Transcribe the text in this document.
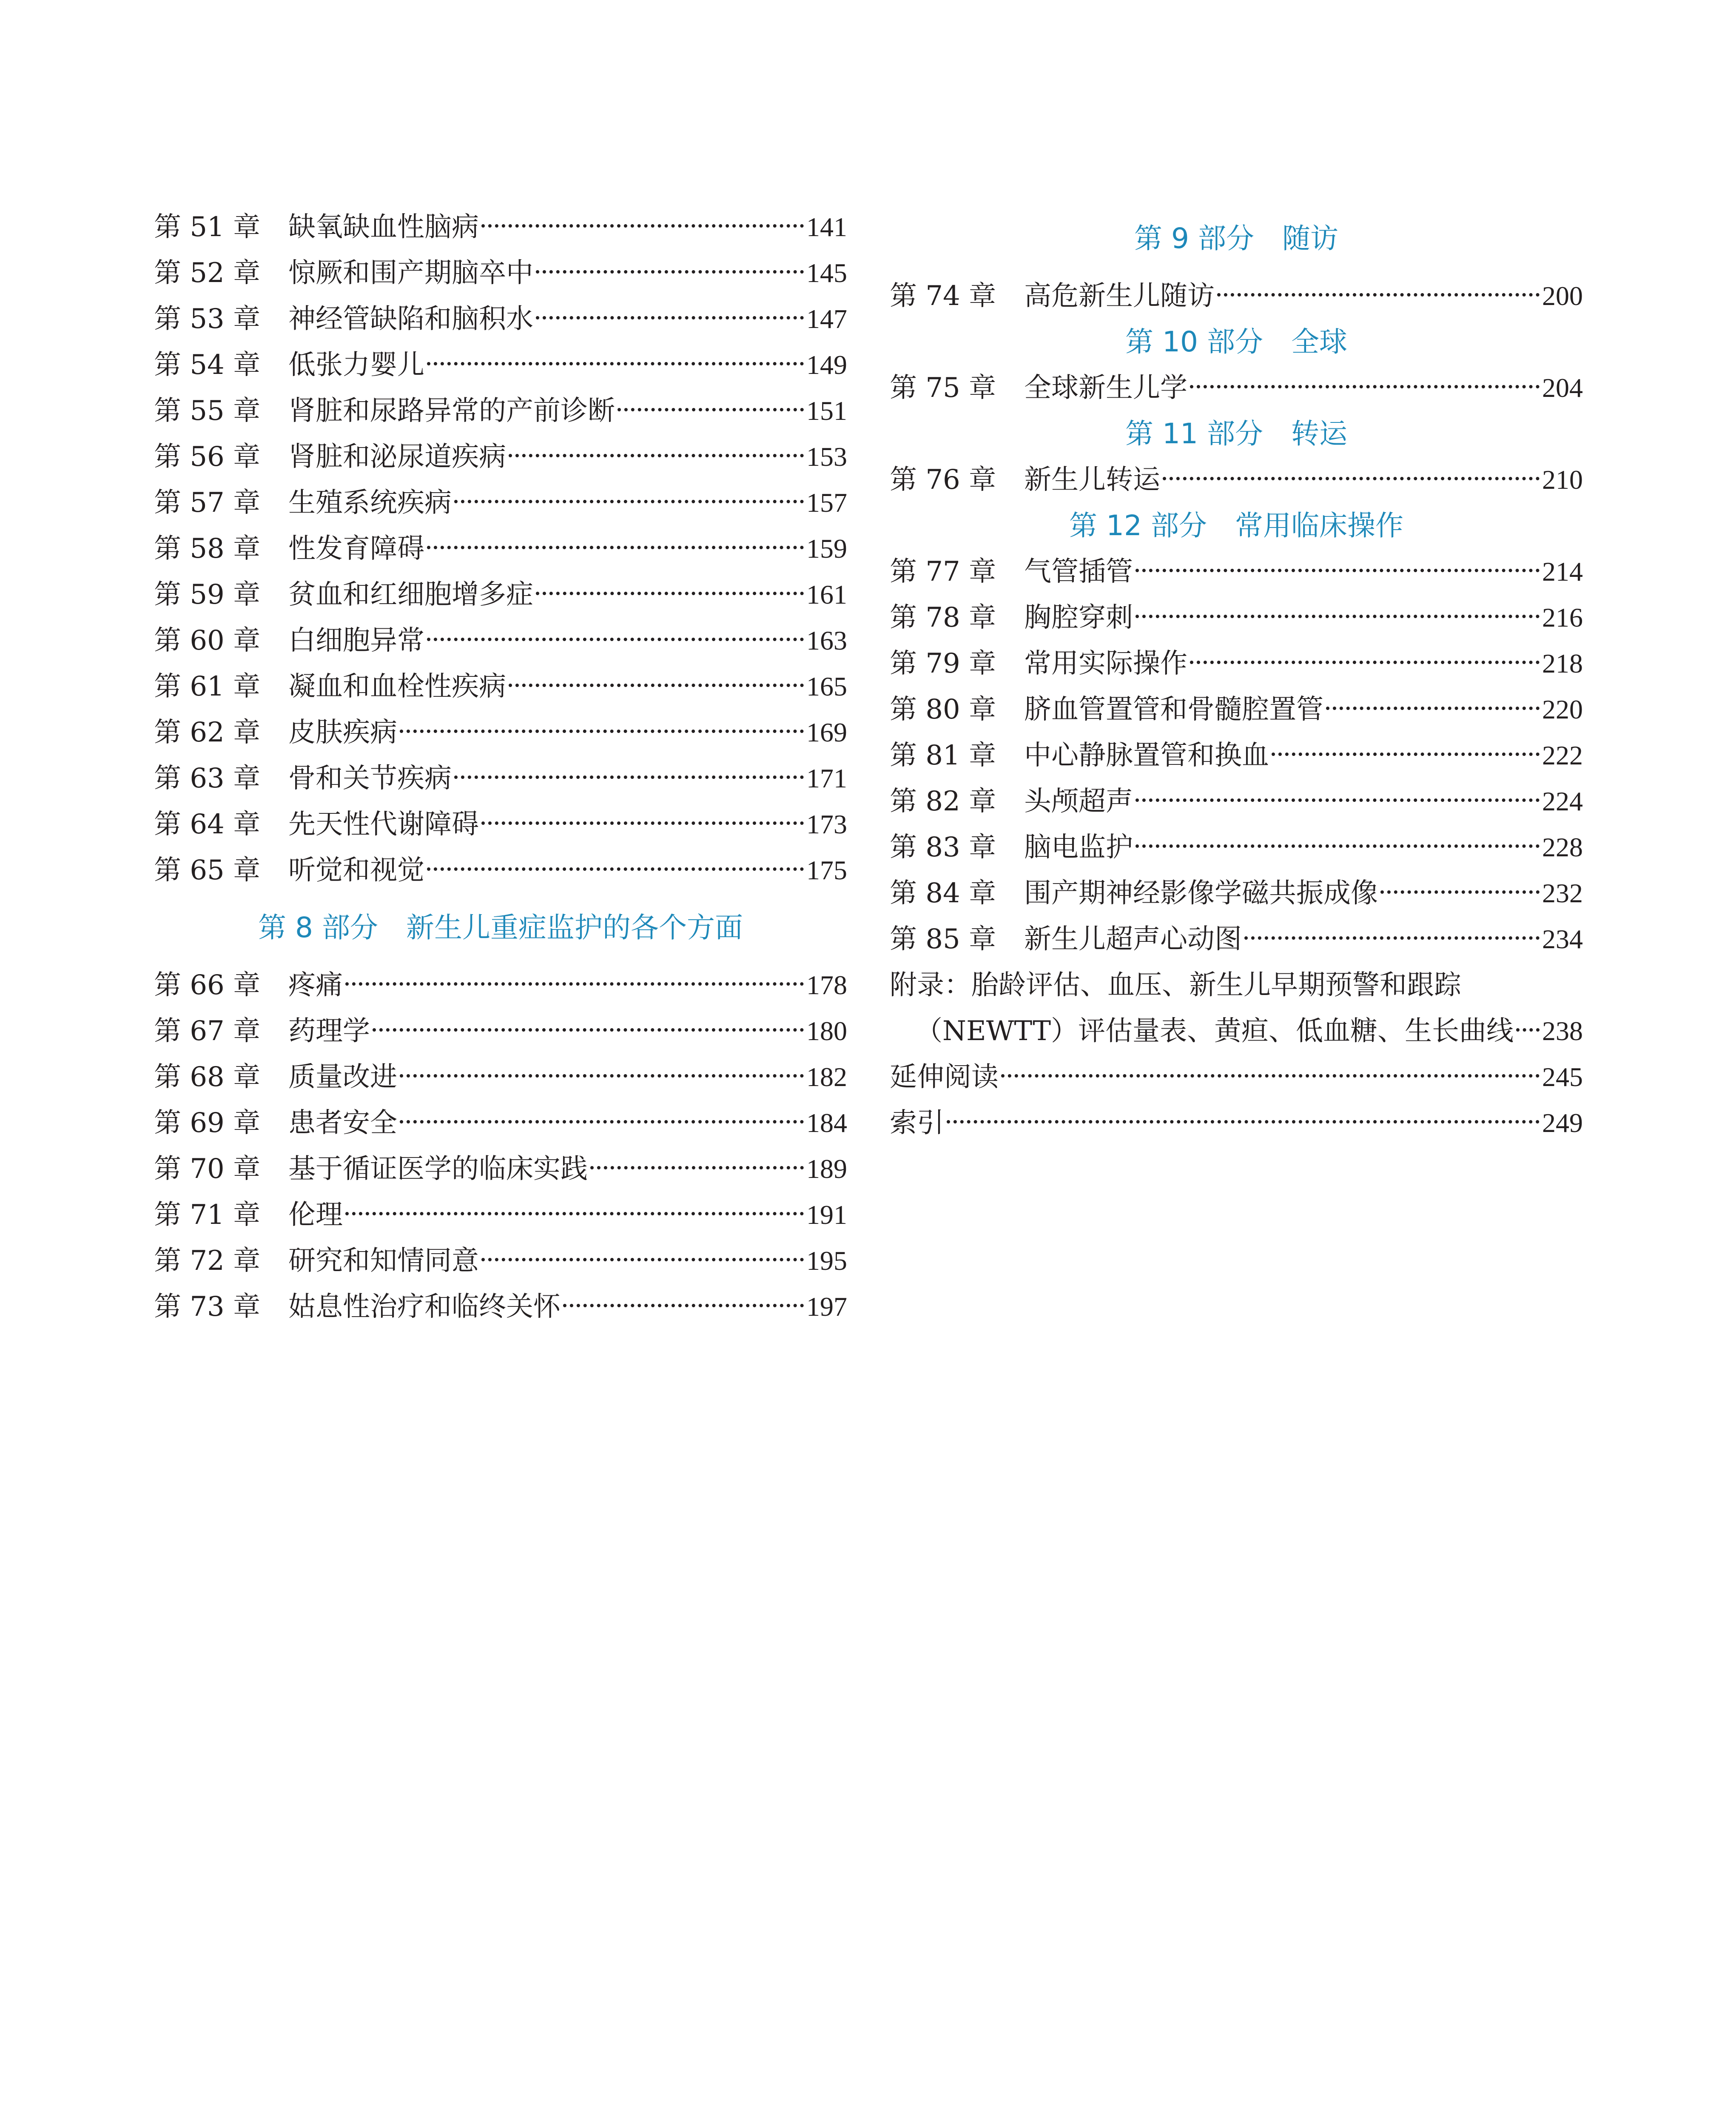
第 51 章	缺氧缺血性脑病	141
第 52 章	惊厥和围产期脑卒中	145
第 53 章	神经管缺陷和脑积水	147
第 54 章	低张力婴儿	149
第 55 章	肾脏和尿路异常的产前诊断	151
第 56 章	肾脏和泌尿道疾病	153
第 57 章	生殖系统疾病	157
第 58 章	性发育障碍	159
第 59 章	贫血和红细胞增多症	161
第 60 章	白细胞异常	163
第 61 章	凝血和血栓性疾病	165
第 62 章	皮肤疾病	169
第 63 章	骨和关节疾病	171
第 64 章	先天性代谢障碍	173
第 65 章	听觉和视觉	175
第 8 部分　新生儿重症监护的各个方面
第 66 章	疼痛	178
第 67 章	药理学	180
第 68 章	质量改进	182
第 69 章	患者安全	184
第 70 章	基于循证医学的临床实践	189
第 71 章	伦理	191
第 72 章	研究和知情同意	195
第 73 章	姑息性治疗和临终关怀	197
第 9 部分　随访
第 74 章	高危新生儿随访	200
第 10 部分　全球
第 75 章	全球新生儿学	204
第 11 部分　转运
第 76 章	新生儿转运	210
第 12 部分　常用临床操作
第 77 章	气管插管	214
第 78 章	胸腔穿刺	216
第 79 章	常用实际操作	218
第 80 章	脐血管置管和骨髓腔置管	220
第 81 章	中心静脉置管和换血	222
第 82 章	头颅超声	224
第 83 章	脑电监护	228
第 84 章	围产期神经影像学磁共振成像	232
第 85 章	新生儿超声心动图	234
附录：胎龄评估、血压、新生儿早期预警和跟踪
（NEWTT）评估量表、黄疸、低血糖、生长曲线 238
延伸阅读	245
索引	249
